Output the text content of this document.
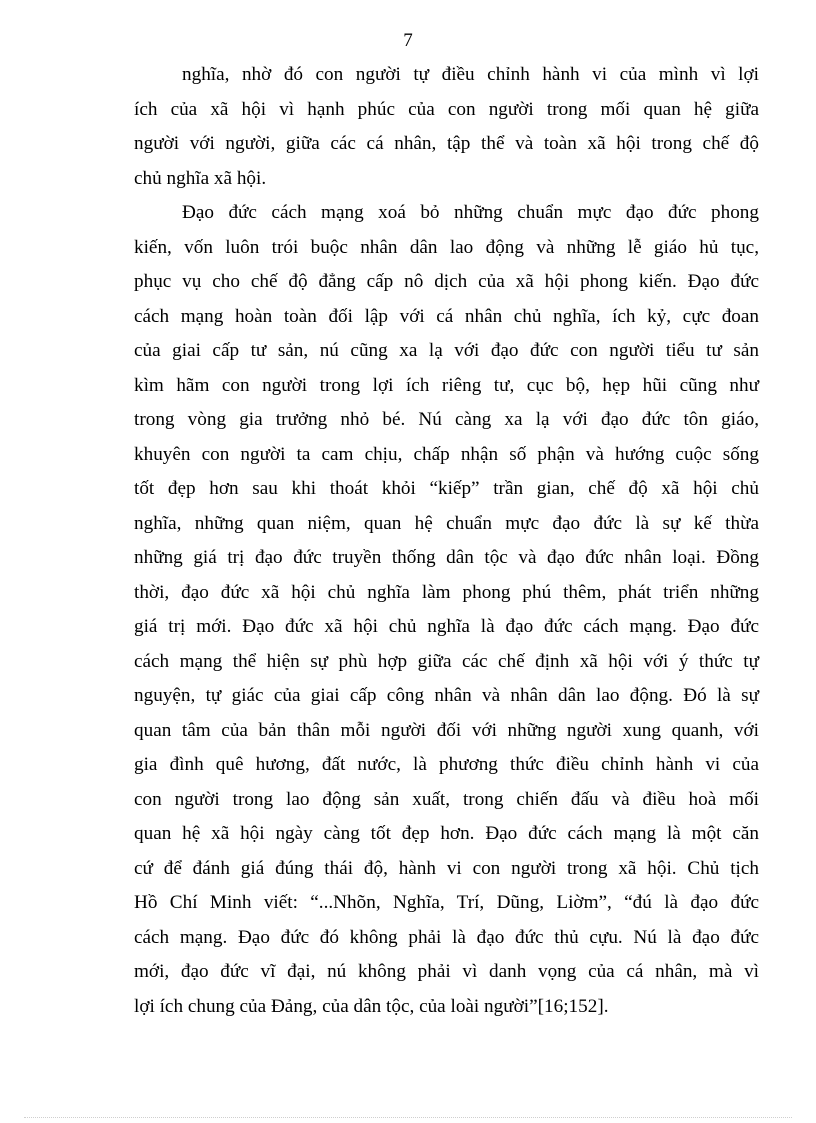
7

nghĩa, nhờ đó con người tự điều chỉnh hành vi của mình vì lợi
ích của xã hội vì hạnh phúc của con người trong mối quan hệ giữa
người với người, giữa các cá nhân, tập thể và toàn xã hội trong chế độ
chủ nghĩa xã hội.

Đạo đức cách mạng xoá bỏ những chuẩn mực đạo đức phong
kiến, vốn luôn trói buộc nhân dân lao động và những lễ giáo hủ tục,
phục vụ cho chế độ đẳng cấp nô dịch của xã hội phong kiến. Đạo đức
cách mạng hoàn toàn đối lập với cá nhân chủ nghĩa, ích kỷ, cực đoan
của giai cấp tư sản, nú cũng xa lạ với đạo đức con người tiểu tư sản
kìm hãm con người trong lợi ích riêng tư, cục bộ, hẹp hũi cũng như
trong vòng gia trưởng nhỏ bé. Nú càng xa lạ với đạo đức tôn giáo,
khuyên con người ta cam chịu, chấp nhận số phận và hướng cuộc sống
tốt đẹp hơn sau khi thoát khỏi “kiếp” trần gian, chế độ xã hội chủ
nghĩa, những quan niệm, quan hệ chuẩn mực đạo đức là sự kế thừa
những giá trị đạo đức truyền thống dân tộc và đạo đức nhân loại. Đồng
thời, đạo đức xã hội chủ nghĩa làm phong phú thêm, phát triển những
giá trị mới. Đạo đức xã hội chủ nghĩa là đạo đức cách mạng. Đạo đức
cách mạng thể hiện sự phù hợp giữa các chế định xã hội với ý thức tự
nguyện, tự giác của giai cấp công nhân và nhân dân lao động. Đó là sự
quan tâm của bản thân mỗi người đối với những người xung quanh, với
gia đình quê hương, đất nước, là phương thức điều chỉnh hành vi của
con người trong lao động sản xuất, trong chiến đấu và điều hoà mối
quan hệ xã hội ngày càng tốt đẹp hơn. Đạo đức cách mạng là một căn
cứ để đánh giá đúng thái độ, hành vi con người trong xã hội. Chủ tịch
Hồ Chí Minh viết: “...Nhõn, Nghĩa, Trí, Dũng, Liờm”, “đú là đạo đức
cách mạng. Đạo đức đó không phải là đạo đức thủ cựu. Nú là đạo đức
mới, đạo đức vĩ đại, nú không phải vì danh vọng của cá nhân, mà vì
lợi ích chung của Đảng, của dân tộc, của loài người”[16;152].
